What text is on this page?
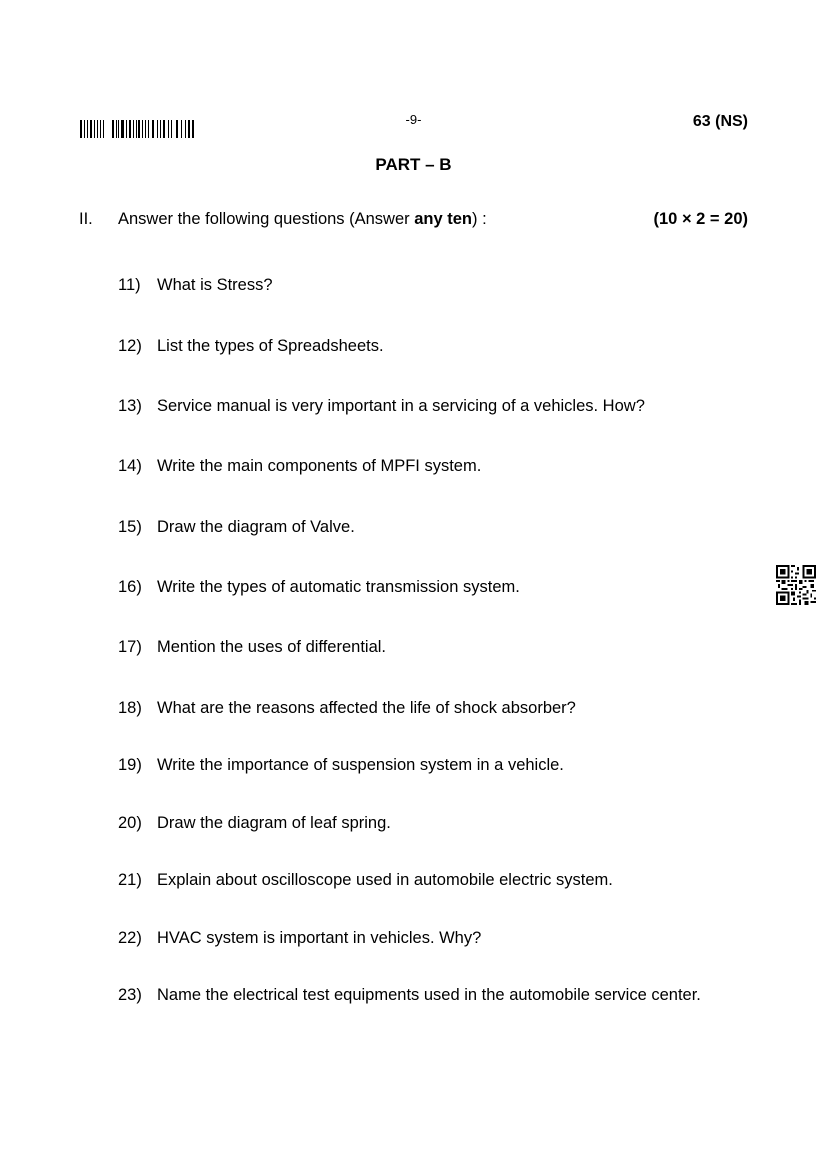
-9-	63 (NS)
PART – B
II. Answer the following questions (Answer any ten) :	(10 × 2 = 20)
11) What is Stress?
12) List the types of Spreadsheets.
13) Service manual is very important in a servicing of a vehicles. How?
14) Write the main components of MPFI system.
15) Draw the diagram of Valve.
16) Write the types of automatic transmission system.
17) Mention the uses of differential.
18) What are the reasons affected the life of shock absorber?
19) Write the importance of suspension system in a vehicle.
20) Draw the diagram of leaf spring.
21) Explain about oscilloscope used in automobile electric system.
22) HVAC system is important in vehicles. Why?
23) Name the electrical test equipments used in the automobile service center.
